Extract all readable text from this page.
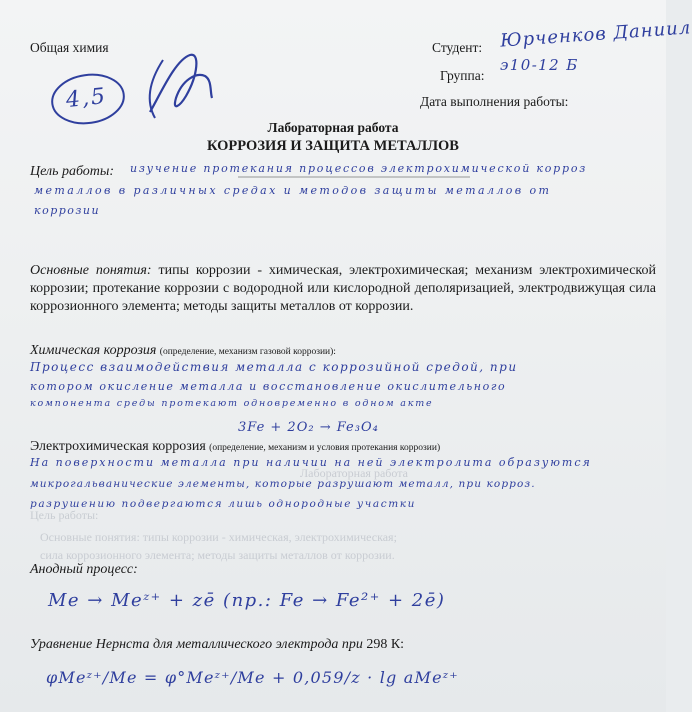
Лабораторная работа
Цель работы:
Основные понятия: типы коррозии - химическая, электрохимическая;
сила коррозионного элемента; методы защиты металлов от коррозии.
Общая химия
4,5
Студент: Юрченков Даниил
Группа:
э10-12 Б
Дата выполнения работы:
Лабораторная работа
КОРРОЗИЯ И ЗАЩИТА МЕТАЛЛОВ
Цель работы: изучение протекания процессов электрохимической корроз
металлов в различных средах и методов защиты металлов от
коррозии
Основные понятия: типы коррозии - химическая, электрохимическая; механизм электрохимической коррозии; протекание коррозии с водородной или кислородной деполяризацией, электродвижущая сила коррозионного элемента; методы защиты металлов от коррозии.
Химическая коррозия (определение, механизм газовой коррозии):
Процесс взаимодействия металла с коррозийной средой, при
котором окисление металла и восстановление окислительного
компонента среды протекают одновременно в одном акте
3Fe + 2O₂ → Fe₃O₄
Электрохимическая коррозия (определение, механизм и условия протекания коррозии)
На поверхности металла при наличии на ней электролита образуются
микрогальванические элементы, которые разрушают металл, при корроз.
разрушению подвергаются лишь однородные участки
Анодный процесс:
Me → Meᶻ⁺ + zē (пр.: Fe → Fe²⁺ + 2ē)
Уравнение Нернста для металлического электрода при 298 К:
φMeᶻ⁺/Me = φ°Meᶻ⁺/Me + 0,059/z · lg aMeᶻ⁺
